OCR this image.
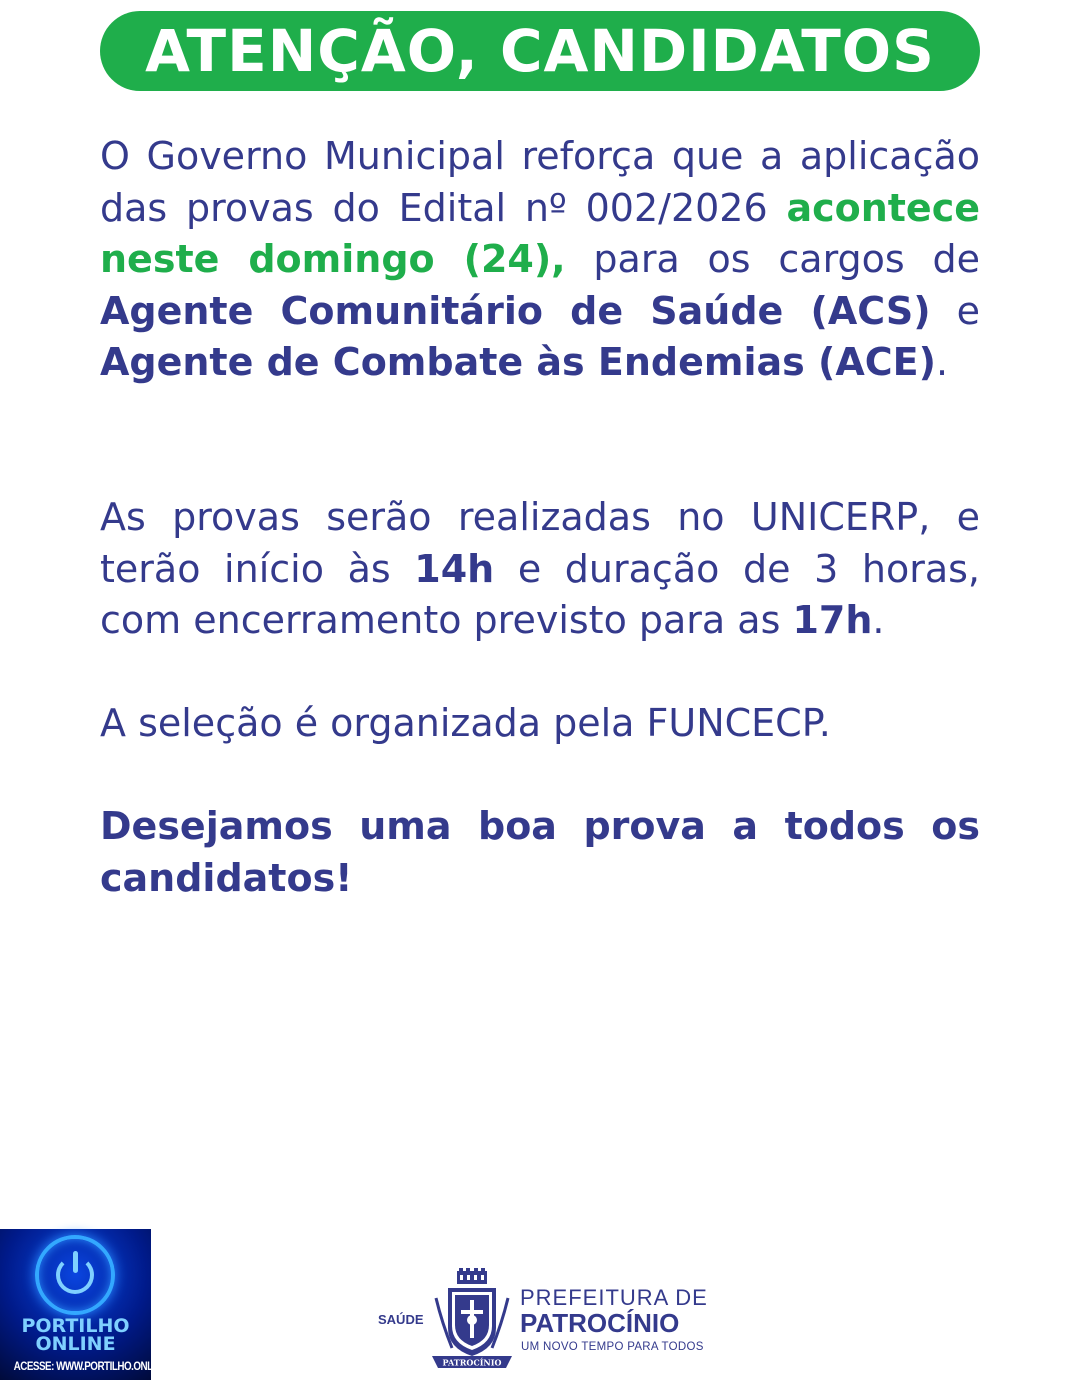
ATENÇÃO, CANDIDATOS

O Governo Municipal reforça que a aplicação das provas do Edital nº 002/2026 acontece neste domingo (24), para os cargos de Agente Comunitário de Saúde (ACS) e Agente de Combate às Endemias (ACE).

As provas serão realizadas no UNICERP, e terão início às 14h e duração de 3 horas, com encerramento previsto para as 17h.

A seleção é organizada pela FUNCECP.

Desejamos uma boa prova a todos os candidatos!

PORTILHO
ONLINE
ACESSE: WWW.PORTILHO.ONLINE
SAÚDE
PATROCÍNIO
PREFEITURA DE
PATROCÍNIO
UM NOVO TEMPO PARA TODOS
